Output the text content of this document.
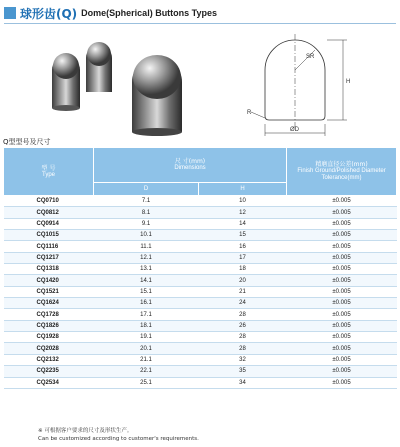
球形齿(Q) Dome(Spherical) Buttons Types
SR
H
R
ØD
Q型型号及尺寸
型 号
Type	尺 寸(mm)
Dimensions		精磨直径公差(mm)
Finish Ground/Polished Diameter Tolerance(mm)
	D	H	
CQ0710	7.1	10	±0.005
CQ0812	8.1	12	±0.005
CQ0914	9.1	14	±0.005
CQ1015	10.1	15	±0.005
CQ1116	11.1	16	±0.005
CQ1217	12.1	17	±0.005
CQ1318	13.1	18	±0.005
CQ1420	14.1	20	±0.005
CQ1521	15.1	21	±0.005
CQ1624	16.1	24	±0.005
CQ1728	17.1	28	±0.005
CQ1826	18.1	26	±0.005
CQ1928	19.1	28	±0.005
CQ2028	20.1	28	±0.005
CQ2132	21.1	32	±0.005
CQ2235	22.1	35	±0.005
CQ2534	25.1	34	±0.005
※ 可根据客户要求的尺寸及形状生产。
Can be customized according to customer's requirements.
